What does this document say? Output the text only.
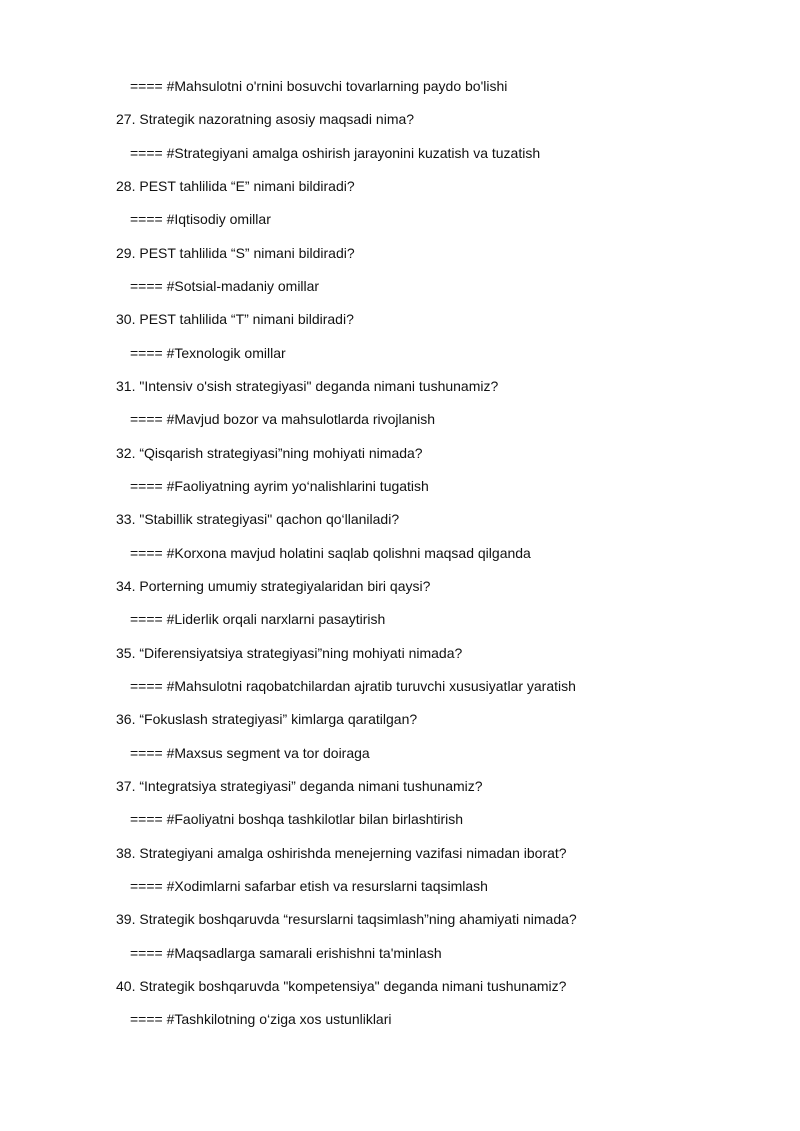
==== #Mahsulotni o'rnini bosuvchi tovarlarning paydo bo'lishi
27. Strategik nazoratning asosiy maqsadi nima?
==== #Strategiyani amalga oshirish jarayonini kuzatish va tuzatish
28. PEST tahlilida “E” nimani bildiradi?
==== #Iqtisodiy omillar
29. PEST tahlilida “S” nimani bildiradi?
==== #Sotsial-madaniy omillar
30. PEST tahlilida “T” nimani bildiradi?
==== #Texnologik omillar
31. "Intensiv o'sish strategiyasi" deganda nimani tushunamiz?
==== #Mavjud bozor va mahsulotlarda rivojlanish
32. “Qisqarish strategiyasi”ning mohiyati nimada?
==== #Faoliyatning ayrim yo‘nalishlarini tugatish
33. "Stabillik strategiyasi" qachon qo‘llaniladi?
==== #Korxona mavjud holatini saqlab qolishni maqsad qilganda
34. Porterning umumiy strategiyalaridan biri qaysi?
==== #Liderlik orqali narxlarni pasaytirish
35. “Diferensiyatsiya strategiyasi”ning mohiyati nimada?
==== #Mahsulotni raqobatchilardan ajratib turuvchi xususiyatlar yaratish
36. “Fokuslash strategiyasi” kimlarga qaratilgan?
==== #Maxsus segment va tor doiraga
37. “Integratsiya strategiyasi” deganda nimani tushunamiz?
==== #Faoliyatni boshqa tashkilotlar bilan birlashtirish
38. Strategiyani amalga oshirishda menejerning vazifasi nimadan iborat?
==== #Xodimlarni safarbar etish va resurslarni taqsimlash
39. Strategik boshqaruvda “resurslarni taqsimlash”ning ahamiyati nimada?
==== #Maqsadlarga samarali erishishni ta'minlash
40. Strategik boshqaruvda "kompetensiya" deganda nimani tushunamiz?
==== #Tashkilotning o‘ziga xos ustunliklari
